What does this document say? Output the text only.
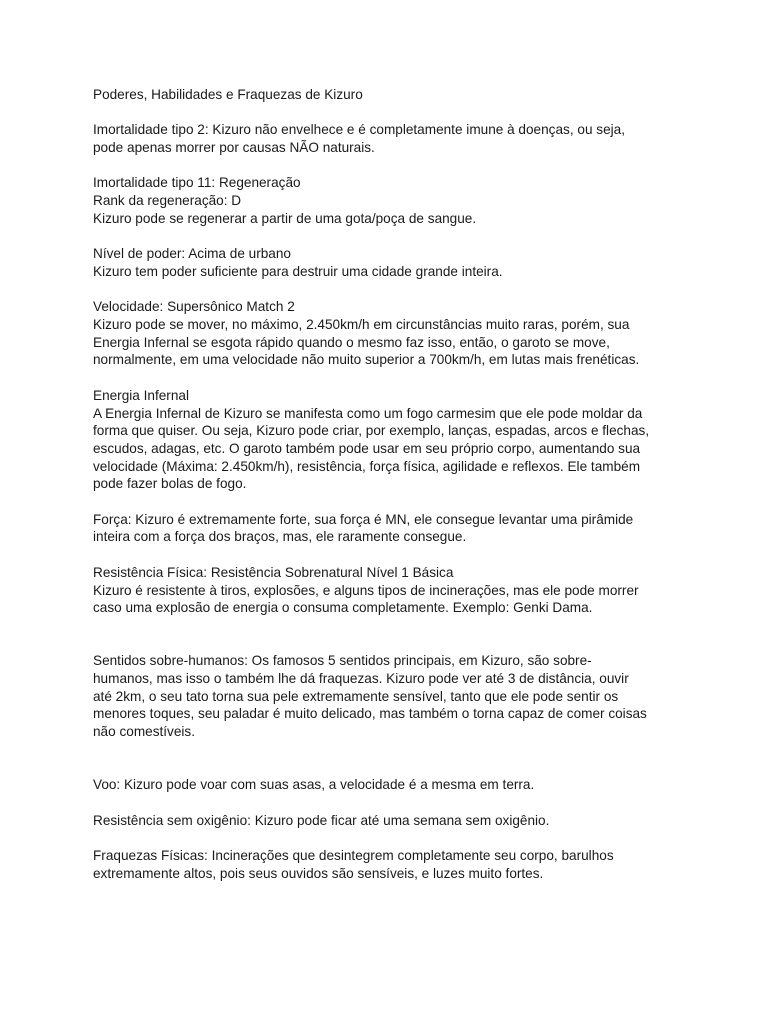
Poderes, Habilidades e Fraquezas de Kizuro

Imortalidade tipo 2: Kizuro não envelhece e é completamente imune à doenças, ou seja,
pode apenas morrer por causas NÃO naturais.

Imortalidade tipo 11: Regeneração
Rank da regeneração: D
Kizuro pode se regenerar a partir de uma gota/poça de sangue.

Nível de poder: Acima de urbano
Kizuro tem poder suficiente para destruir uma cidade grande inteira.

Velocidade: Supersônico Match 2
Kizuro pode se mover, no máximo, 2.450km/h em circunstâncias muito raras, porém, sua
Energia Infernal se esgota rápido quando o mesmo faz isso, então, o garoto se move,
normalmente, em uma velocidade não muito superior a 700km/h, em lutas mais frenéticas.

Energia Infernal
A Energia Infernal de Kizuro se manifesta como um fogo carmesim que ele pode moldar da
forma que quiser. Ou seja, Kizuro pode criar, por exemplo, lanças, espadas, arcos e flechas,
escudos, adagas, etc. O garoto também pode usar em seu próprio corpo, aumentando sua
velocidade (Máxima: 2.450km/h), resistência, força física, agilidade e reflexos. Ele também
pode fazer bolas de fogo.

Força: Kizuro é extremamente forte, sua força é MN, ele consegue levantar uma pirâmide
inteira com a força dos braços, mas, ele raramente consegue.

Resistência Física: Resistência Sobrenatural Nível 1 Básica
Kizuro é resistente à tiros, explosões, e alguns tipos de incinerações, mas ele pode morrer
caso uma explosão de energia o consuma completamente. Exemplo: Genki Dama.

Sentidos sobre-humanos: Os famosos 5 sentidos principais, em Kizuro, são sobre-
humanos, mas isso o também lhe dá fraquezas. Kizuro pode ver até 3 de distância, ouvir
até 2km, o seu tato torna sua pele extremamente sensível, tanto que ele pode sentir os
menores toques, seu paladar é muito delicado, mas também o torna capaz de comer coisas
não comestíveis.

Voo: Kizuro pode voar com suas asas, a velocidade é a mesma em terra.

Resistência sem oxigênio: Kizuro pode ficar até uma semana sem oxigênio.

Fraquezas Físicas: Incinerações que desintegrem completamente seu corpo, barulhos
extremamente altos, pois seus ouvidos são sensíveis, e luzes muito fortes.
